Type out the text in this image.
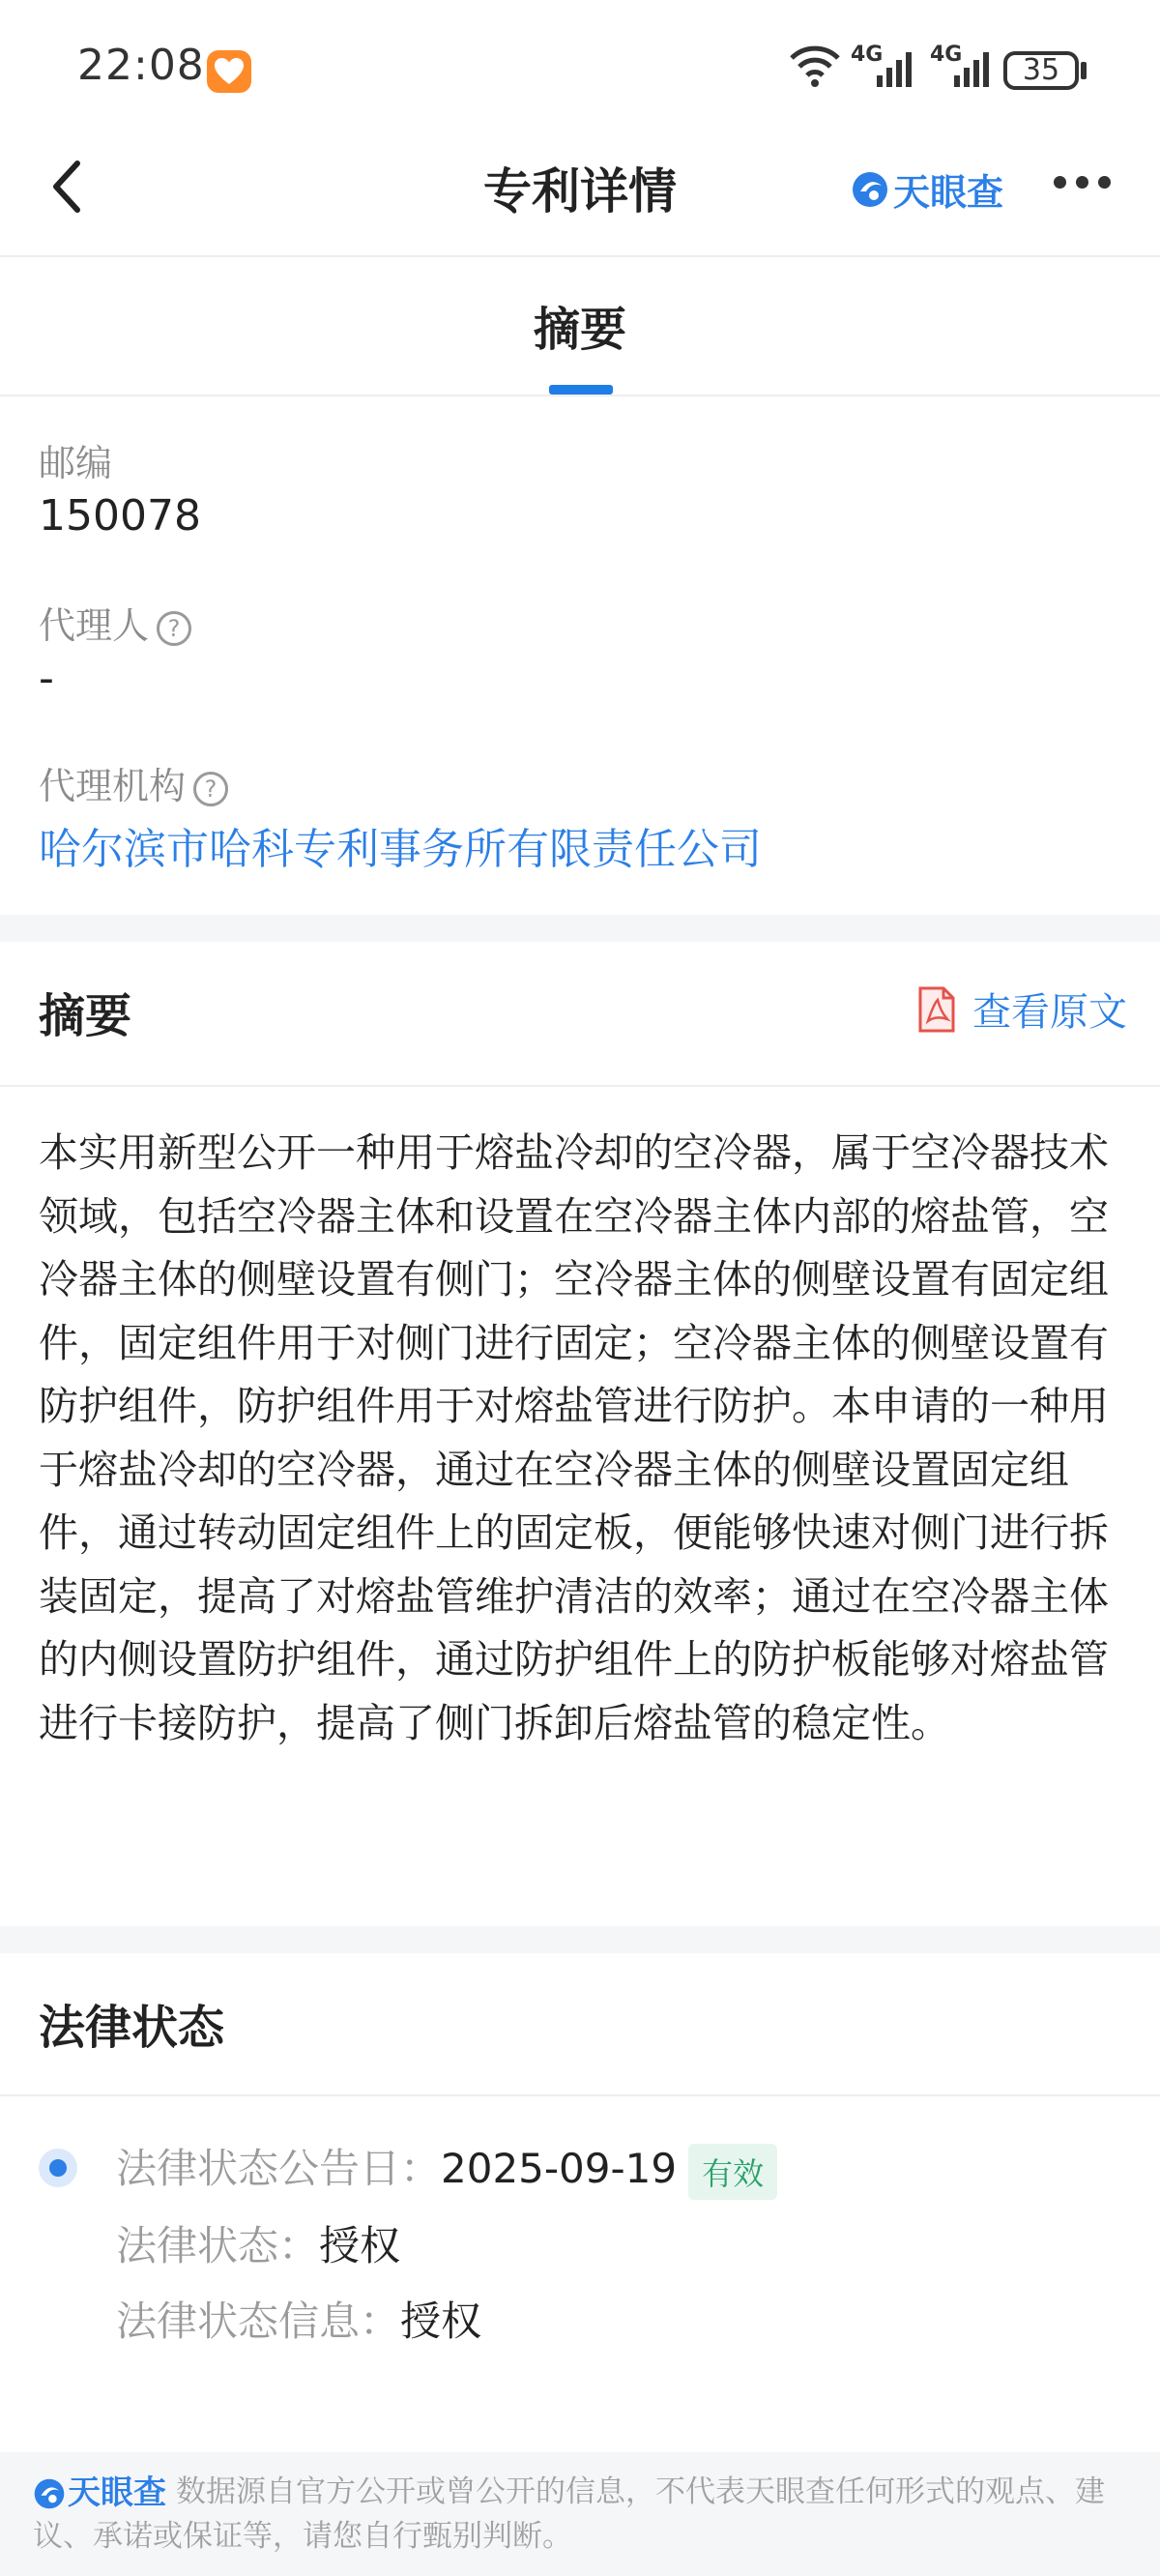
22:08	4G 4G	35
专利详情	天眼查
摘要
邮编
150078
代理人 ?
-
代理机构 ?
哈尔滨市哈科专利事务所有限责任公司
摘要	查看原文
本实用新型公开一种用于熔盐冷却的空冷器，属于空冷器技术领域，包括空冷器主体和设置在空冷器主体内部的熔盐管，空冷器主体的侧壁设置有侧门；空冷器主体的侧壁设置有固定组件，固定组件用于对侧门进行固定；空冷器主体的侧壁设置有防护组件，防护组件用于对熔盐管进行防护。本申请的一种用于熔盐冷却的空冷器，通过在空冷器主体的侧壁设置固定组件，通过转动固定组件上的固定板，便能够快速对侧门进行拆装固定，提高了对熔盐管维护清洁的效率；通过在空冷器主体的内侧设置防护组件，通过防护组件上的防护板能够对熔盐管进行卡接防护，提高了侧门拆卸后熔盐管的稳定性。
法律状态
法律状态公告日：2025-09-19 有效
法律状态：授权
法律状态信息：授权
天眼查 数据源自官方公开或曾公开的信息，不代表天眼查任何形式的观点、建议、承诺或保证等，请您自行甄别判断。
